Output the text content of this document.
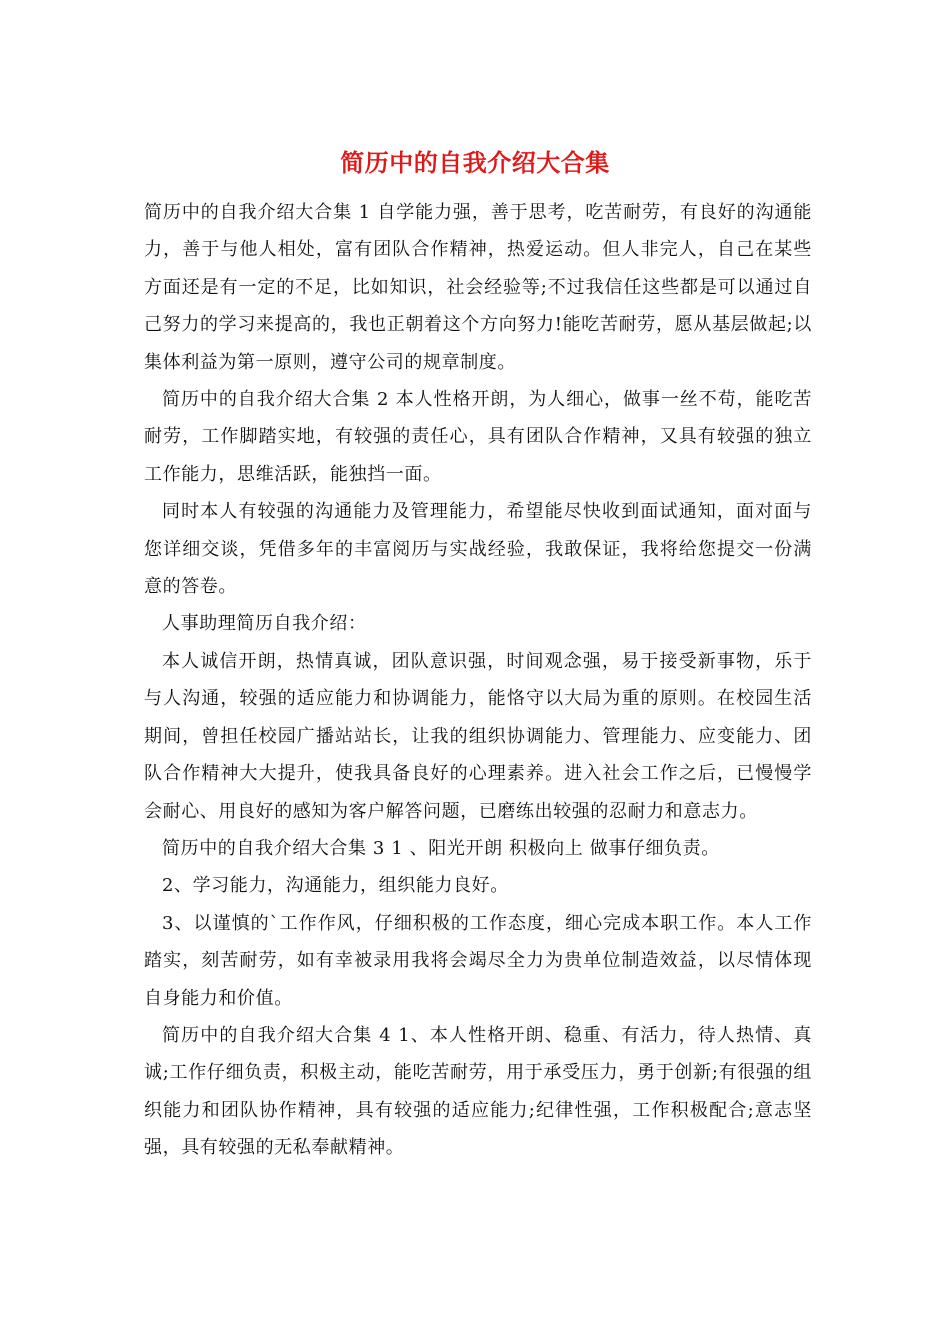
简历中的自我介绍大合集

简历中的自我介绍大合集 1 自学能力强，善于思考，吃苦耐劳，有良好的沟通能力，善于与他人相处，富有团队合作精神，热爱运动。但人非完人，自己在某些方面还是有一定的不足，比如知识，社会经验等;不过我信任这些都是可以通过自己努力的学习来提高的，我也正朝着这个方向努力!能吃苦耐劳，愿从基层做起;以集体利益为第一原则，遵守公司的规章制度。

简历中的自我介绍大合集 2 本人性格开朗，为人细心，做事一丝不苟，能吃苦耐劳，工作脚踏实地，有较强的责任心，具有团队合作精神，又具有较强的独立工作能力，思维活跃，能独挡一面。

同时本人有较强的沟通能力及管理能力，希望能尽快收到面试通知，面对面与您详细交谈，凭借多年的丰富阅历与实战经验，我敢保证，我将给您提交一份满意的答卷。

人事助理简历自我介绍：

本人诚信开朗，热情真诚，团队意识强，时间观念强，易于接受新事物，乐于与人沟通，较强的适应能力和协调能力，能恪守以大局为重的原则。在校园生活期间，曾担任校园广播站站长，让我的组织协调能力、管理能力、应变能力、团队合作精神大大提升，使我具备良好的心理素养。进入社会工作之后，已慢慢学会耐心、用良好的感知为客户解答问题，已磨练出较强的忍耐力和意志力。

简历中的自我介绍大合集 3 1 、阳光开朗 积极向上 做事仔细负责。

2、学习能力，沟通能力，组织能力良好。

3、以谨慎的`工作作风，仔细积极的工作态度，细心完成本职工作。本人工作踏实，刻苦耐劳，如有幸被录用我将会竭尽全力为贵单位制造效益，以尽情体现自身能力和价值。

简历中的自我介绍大合集 4 1、本人性格开朗、稳重、有活力，待人热情、真诚;工作仔细负责，积极主动，能吃苦耐劳，用于承受压力，勇于创新;有很强的组织能力和团队协作精神，具有较强的适应能力;纪律性强，工作积极配合;意志坚强，具有较强的无私奉献精神。
